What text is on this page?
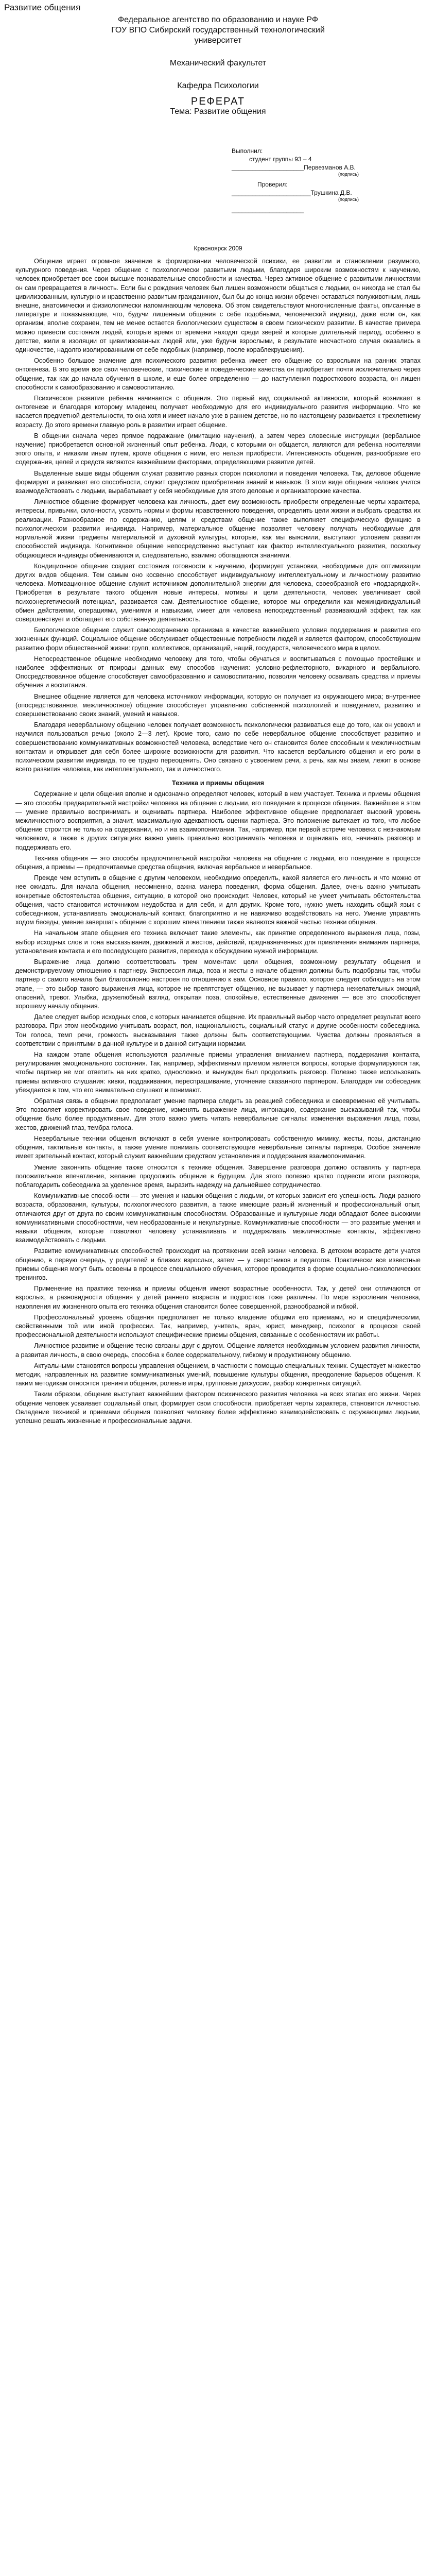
Развитие общения

Федеральное агентство по образованию и науке РФ

ГОУ ВПО Сибирский государственный технологический

университет

Механический факультет

Кафедра Психологии

РЕФЕРАТ

Тема: Развитие общения

Выполнил:
студент группы 93 – 4
_____________________Первезманов А.В.
(подпись)
Проверил:
_______________________Трушкина Д.В.
(подпись)
_____________________
Красноярск 2009

Общение играет огромное значение в формировании человеческой психики, ее развитии и становлении разумного, культурного поведения. Через общение с психологически развитыми людьми, благодаря широким возможностям к научению, человек приобретает все свои высшие познавательные способности и качества. Через активное общение с развитыми личностями он сам превращается в личность. Если бы с рождения человек был лишен возможности общаться с людьми, он никогда не стал бы цивилизованным, культурно и нравственно развитым гражданином, был бы до конца жизни обречен оставаться полуживотным, лишь внешне, анатомически и физиологически напоминающим человека. Об этом свидетельствуют многочисленные факты, описанные в литературе и показывающие, что, будучи лишенным общения с себе подобными, человеческий индивид, даже если он, как организм, вполне сохранен, тем не менее остается биологическим существом в своем психическом развитии. В качестве примера можно привести состояния людей, которые время от времени находят среди зверей и которые длительный период, особенно в детстве, жили в изоляции от цивилизованных людей или, уже будучи взрослыми, в результате несчастного случая оказались в одиночестве, надолго изолированными от себе подобных (например, после кораблекрушения).

Особенно большое значение для психического развития ребенка имеет его общение со взрослыми на ранних этапах онтогенеза. В это время все свои человеческие, психические и поведенческие качества он приобретает почти исключительно через общение, так как до начала обучения в школе, и еще более определенно — до наступления подросткового возраста, он лишен способности к самообразованию и самовоспитанию.

Психическое развитие ребенка начинается с общения. Это первый вид социальной активности, который возникает в онтогенезе и благодаря которому младенец получает необходимую для его индивидуального развития информацию. Что же касается предметной деятельности, то она хотя и имеет начало уже в раннем детстве, но по-настоящему развивается к трехлетнему возрасту. До этого времени главную роль в развитии играет общение.

В общении сначала через прямое подражание (имитацию научения), а затем через словесные инструкции (вербальное научение) приобретается основной жизненный опыт ребенка. Люди, с которыми он общается, являются для ребенка носителями этого опыта, и никаким иным путем, кроме общения с ними, его нельзя приобрести. Интенсивность общения, разнообразие его содержания, целей и средств являются важнейшими факторами, определяющими развитие детей.

Выделенные выше виды общения служат развитию разных сторон психологии и поведения человека. Так, деловое общение формирует и развивает его способности, служит средством приобретения знаний и навыков. В этом виде общения человек учится взаимодействовать с людьми, вырабатывает у себя необходимые для этого деловые и организаторские качества.

Личностное общение формирует человека как личность, дает ему возможность приобрести определенные черты характера, интересы, привычки, склонности, усвоить нормы и формы нравственного поведения, определить цели жизни и выбрать средства их реализации. Разнообразное по содержанию, целям и средствам общение также выполняет специфическую функцию в психологическом развитии индивида. Например, материальное общение позволяет человеку получать необходимые для нормальной жизни предметы материальной и духовной культуры, которые, как мы выяснили, выступают условием развития способностей индивида. Когнитивное общение непосредственно выступает как фактор интеллектуального развития, поскольку общающиеся индивиды обмениваются и, следовательно, взаимно обогащаются знаниями.

Кондиционное общение создает состояния готовности к научению, формирует установки, необходимые для оптимизации других видов общения. Тем самым оно косвенно способствует индивидуальному интеллектуальному и личностному развитию человека. Мотивационное общение служит источником дополнительной энергии для человека, своеобразной его «подзарядкой». Приобретая в результате такого общения новые интересы, мотивы и цели деятельности, человек увеличивает свой психоэнергетический потенциал, развивается сам. Деятельностное общение, которое мы определили как межиндивидуальный обмен действиями, операциями, умениями и навыками, имеет для человека непосредственный развивающий эффект, так как совершенствует и обогащает его собственную деятельность.

Биологическое общение служит самосохранению организма в качестве важнейшего условия поддержания и развития его жизненных функций. Социальное общение обслуживает общественные потребности людей и является фактором, способствующим развитию форм общественной жизни: групп, коллективов, организаций, наций, государств, человеческого мира в целом.

Непосредственное общение необходимо человеку для того, чтобы обучаться и воспитываться с помощью простейших и наиболее эффективных от природы данных ему способов научения: условно-рефлекторного, викарного и вербального. Опосредствованное общение способствует самообразованию и самовоспитанию, позволяя человеку осваивать средства и приемы обучения и воспитания.

Внешнее общение является для человека источником информации, которую он получает из окружающего мира; внутреннее (опосредствованное, межличностное) общение способствует управлению собственной психологией и поведением, развитию и совершенствованию своих знаний, умений и навыков.

Благодаря невербальному общению человек получает возможность психологически развиваться еще до того, как он усвоил и научился пользоваться речью (около 2—3 лет). Кроме того, само по себе невербальное общение способствует развитию и совершенствованию коммуникативных возможностей человека, вследствие чего он становится более способным к межличностным контактам и открывает для себя более широкие возможности для развития. Что касается вербального общения и его роли в психическом развитии индивида, то ее трудно переоценить. Оно связано с усвоением речи, а речь, как мы знаем, лежит в основе всего развития человека, как интеллектуального, так и личностного.

Техника и приемы общения

Содержание и цели общения вполне и однозначно определяют человек, который в нем участвует. Техника и приемы общения — это способы предварительной настройки человека на общение с людьми, его поведение в процессе общения. Важнейшее в этом — умение правильно воспринимать и оценивать партнера. Наиболее эффективное общение предполагает высокий уровень межличностного восприятия, а значит, максимальную адекватность оценки партнера. Это положение вытекает из того, что любое общение строится не только на содержании, но и на взаимопонимании. Так, например, при первой встрече человека с незнакомым человеком, а также в других ситуациях важно уметь правильно воспринимать человека и оценивать его, начинать разговор и поддерживать его.

Техника общения — это способы предпочтительной настройки человека на общение с людьми, его поведение в процессе общения, а приемы — предпочитаемые средства общения, включая вербальное и невербальное.

Прежде чем вступить в общение с другим человеком, необходимо определить, какой является его личность и что можно от нее ожидать. Для начала общения, несомненно, важна манера поведения, форма общения. Далее, очень важно учитывать конкретные обстоятельства общения, ситуацию, в которой оно происходит. Человек, который не умеет учитывать обстоятельства общения, часто становится источником неудобства и для себя, и для других. Кроме того, нужно уметь находить общий язык с собеседником, устанавливать эмоциональный контакт, благоприятно и не навязчиво воздействовать на него. Умение управлять ходом беседы, умение завершать общение с хорошим впечатлением также являются важной частью техники общения.

На начальном этапе общения его техника включает такие элементы, как принятие определенного выражения лица, позы, выбор исходных слов и тона высказывания, движений и жестов, действий, предназначенных для привлечения внимания партнера, установления контакта и его последующего развития, перехода к обсуждению нужной информации.

Выражение лица должно соответствовать трем моментам: цели общения, возможному результату общения и демонстрируемому отношению к партнеру. Экспрессия лица, поза и жесты в начале общения должны быть подобраны так, чтобы партнер с самого начала был благосклонно настроен по отношению к вам. Основное правило, которое следует соблюдать на этом этапе, — это выбор такого выражения лица, которое не препятствует общению, не вызывает у партнера нежелательных эмоций, опасений, тревог. Улыбка, дружелюбный взгляд, открытая поза, спокойные, естественные движения — все это способствует хорошему началу общения.

Далее следует выбор исходных слов, с которых начинается общение. Их правильный выбор часто определяет результат всего разговора. При этом необходимо учитывать возраст, пол, национальность, социальный статус и другие особенности собеседника. Тон голоса, темп речи, громкость высказывания также должны быть соответствующими. Чувства должны проявляться в соответствии с принятыми в данной культуре и в данной ситуации нормами.

На каждом этапе общения используются различные приемы управления вниманием партнера, поддержания контакта, регулирования эмоционального состояния. Так, например, эффективным приемом является вопросы, которые формулируются так, чтобы партнер не мог ответить на них кратко, односложно, и вынужден был продолжить разговор. Полезно также использовать приемы активного слушания: кивки, поддакивания, переспрашивание, уточнение сказанного партнером. Благодаря им собеседник убеждается в том, что его внимательно слушают и понимают.

Обратная связь в общении предполагает умение партнера следить за реакцией собеседника и своевременно её учитывать. Это позволяет корректировать свое поведение, изменять выражение лица, интонацию, содержание высказываний так, чтобы общение было более продуктивным. Для этого важно уметь читать невербальные сигналы: изменения выражения лица, позы, жестов, движений глаз, тембра голоса.

Невербальные техники общения включают в себя умение контролировать собственную мимику, жесты, позы, дистанцию общения, тактильные контакты, а также умение понимать соответствующие невербальные сигналы партнера. Особое значение имеет зрительный контакт, который служит важнейшим средством установления и поддержания взаимопонимания.

Умение закончить общение также относится к технике общения. Завершение разговора должно оставлять у партнера положительное впечатление, желание продолжить общение в будущем. Для этого полезно кратко подвести итоги разговора, поблагодарить собеседника за уделенное время, выразить надежду на дальнейшее сотрудничество.

Коммуникативные способности — это умения и навыки общения с людьми, от которых зависит его успешность. Люди разного возраста, образования, культуры, психологического развития, а также имеющие разный жизненный и профессиональный опыт, отличаются друг от друга по своим коммуникативным способностям. Образованные и культурные люди обладают более высокими коммуникативными способностями, чем необразованные и некультурные. Коммуникативные способности — это развитые умения и навыки общения, которые позволяют человеку устанавливать и поддерживать межличностные контакты, эффективно взаимодействовать с людьми.

Развитие коммуникативных способностей происходит на протяжении всей жизни человека. В детском возрасте дети учатся общению, в первую очередь, у родителей и близких взрослых, затем — у сверстников и педагогов. Практически все известные приемы общения могут быть освоены в процессе специального обучения, которое проводится в форме социально-психологических тренингов.

Применение на практике техника и приемы общения имеют возрастные особенности. Так, у детей они отличаются от взрослых, а разновидности общения у детей раннего возраста и подростков тоже различны. По мере взросления человека, накопления им жизненного опыта его техника общения становится более совершенной, разнообразной и гибкой.

Профессиональный уровень общения предполагает не только владение общими его приемами, но и специфическими, свойственными той или иной профессии. Так, например, учитель, врач, юрист, менеджер, психолог в процессе своей профессиональной деятельности используют специфические приемы общения, связанные с особенностями их работы.

Личностное развитие и общение тесно связаны друг с другом. Общение является необходимым условием развития личности, а развитая личность, в свою очередь, способна к более содержательному, гибкому и продуктивному общению.

Актуальными становятся вопросы управления общением, в частности с помощью специальных техник. Существует множество методик, направленных на развитие коммуникативных умений, повышение культуры общения, преодоление барьеров общения. К таким методикам относятся тренинги общения, ролевые игры, групповые дискуссии, разбор конкретных ситуаций.

Таким образом, общение выступает важнейшим фактором психического развития человека на всех этапах его жизни. Через общение человек усваивает социальный опыт, формирует свои способности, приобретает черты характера, становится личностью. Овладение техникой и приемами общения позволяет человеку более эффективно взаимодействовать с окружающими людьми, успешно решать жизненные и профессиональные задачи.
